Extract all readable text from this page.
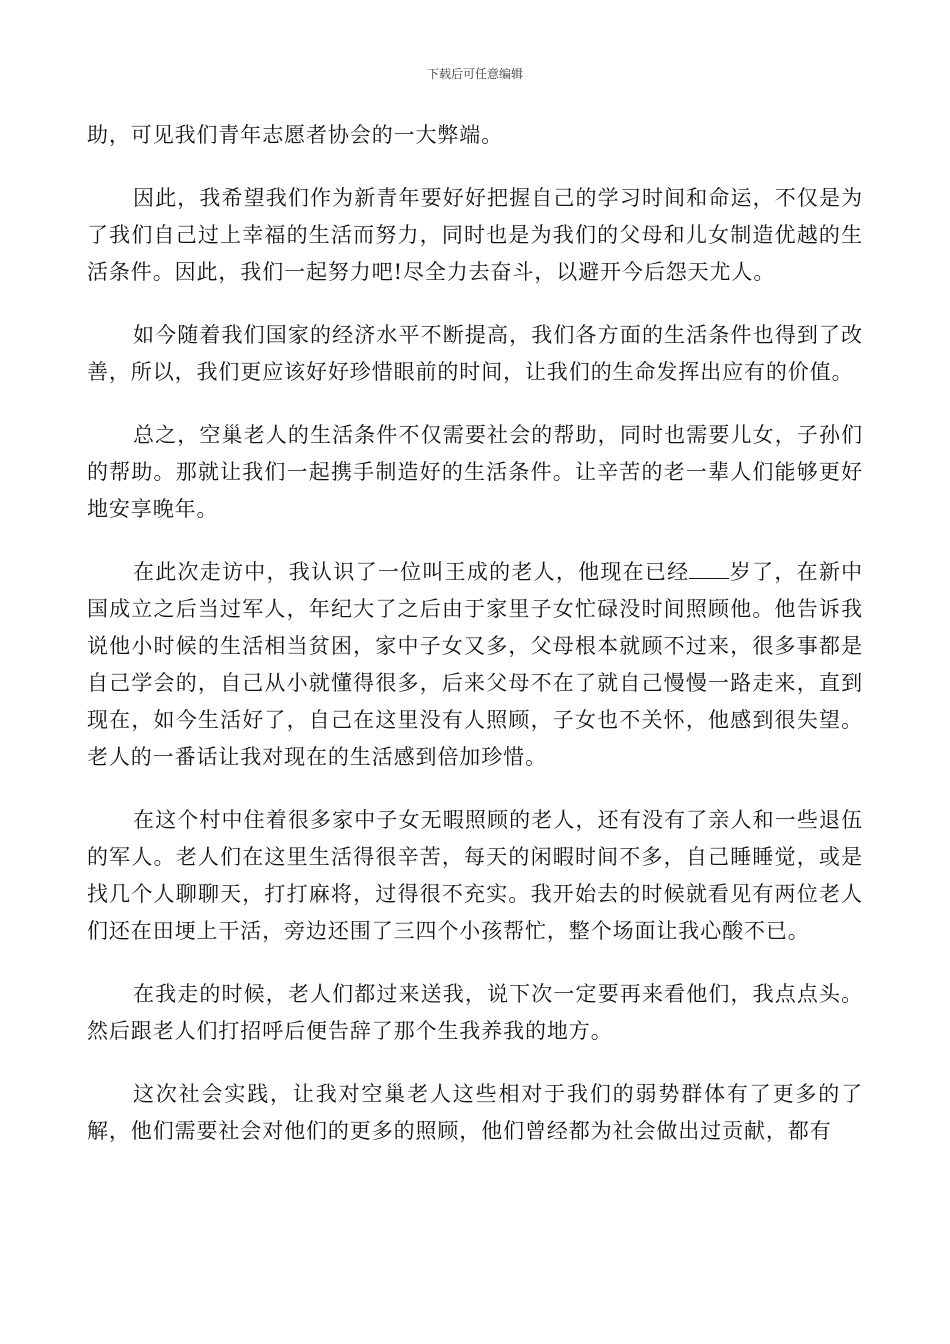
下载后可任意编辑

助，可见我们青年志愿者协会的一大弊端。

因此，我希望我们作为新青年要好好把握自己的学习时间和命运，不仅是为了我们自己过上幸福的生活而努力，同时也是为我们的父母和儿女制造优越的生活条件。因此，我们一起努力吧!尽全力去奋斗，以避开今后怨天尤人。

如今随着我们国家的经济水平不断提高，我们各方面的生活条件也得到了改善，所以，我们更应该好好珍惜眼前的时间，让我们的生命发挥出应有的价值。

总之，空巢老人的生活条件不仅需要社会的帮助，同时也需要儿女，子孙们的帮助。那就让我们一起携手制造好的生活条件。让辛苦的老一辈人们能够更好地安享晚年。

在此次走访中，我认识了一位叫王成的老人，他现在已经 岁了，在新中国成立之后当过军人，年纪大了之后由于家里子女忙碌没时间照顾他。他告诉我说他小时候的生活相当贫困，家中子女又多，父母根本就顾不过来，很多事都是自己学会的，自己从小就懂得很多，后来父母不在了就自己慢慢一路走来，直到现在，如今生活好了，自己在这里没有人照顾，子女也不关怀，他感到很失望。老人的一番话让我对现在的生活感到倍加珍惜。

在这个村中住着很多家中子女无暇照顾的老人，还有没有了亲人和一些退伍的军人。老人们在这里生活得很辛苦，每天的闲暇时间不多，自己睡睡觉，或是找几个人聊聊天，打打麻将，过得很不充实。我开始去的时候就看见有两位老人们还在田埂上干活，旁边还围了三四个小孩帮忙，整个场面让我心酸不已。

在我走的时候，老人们都过来送我，说下次一定要再来看他们，我点点头。然后跟老人们打招呼后便告辞了那个生我养我的地方。

这次社会实践，让我对空巢老人这些相对于我们的弱势群体有了更多的了解，他们需要社会对他们的更多的照顾，他们曾经都为社会做出过贡献，都有
